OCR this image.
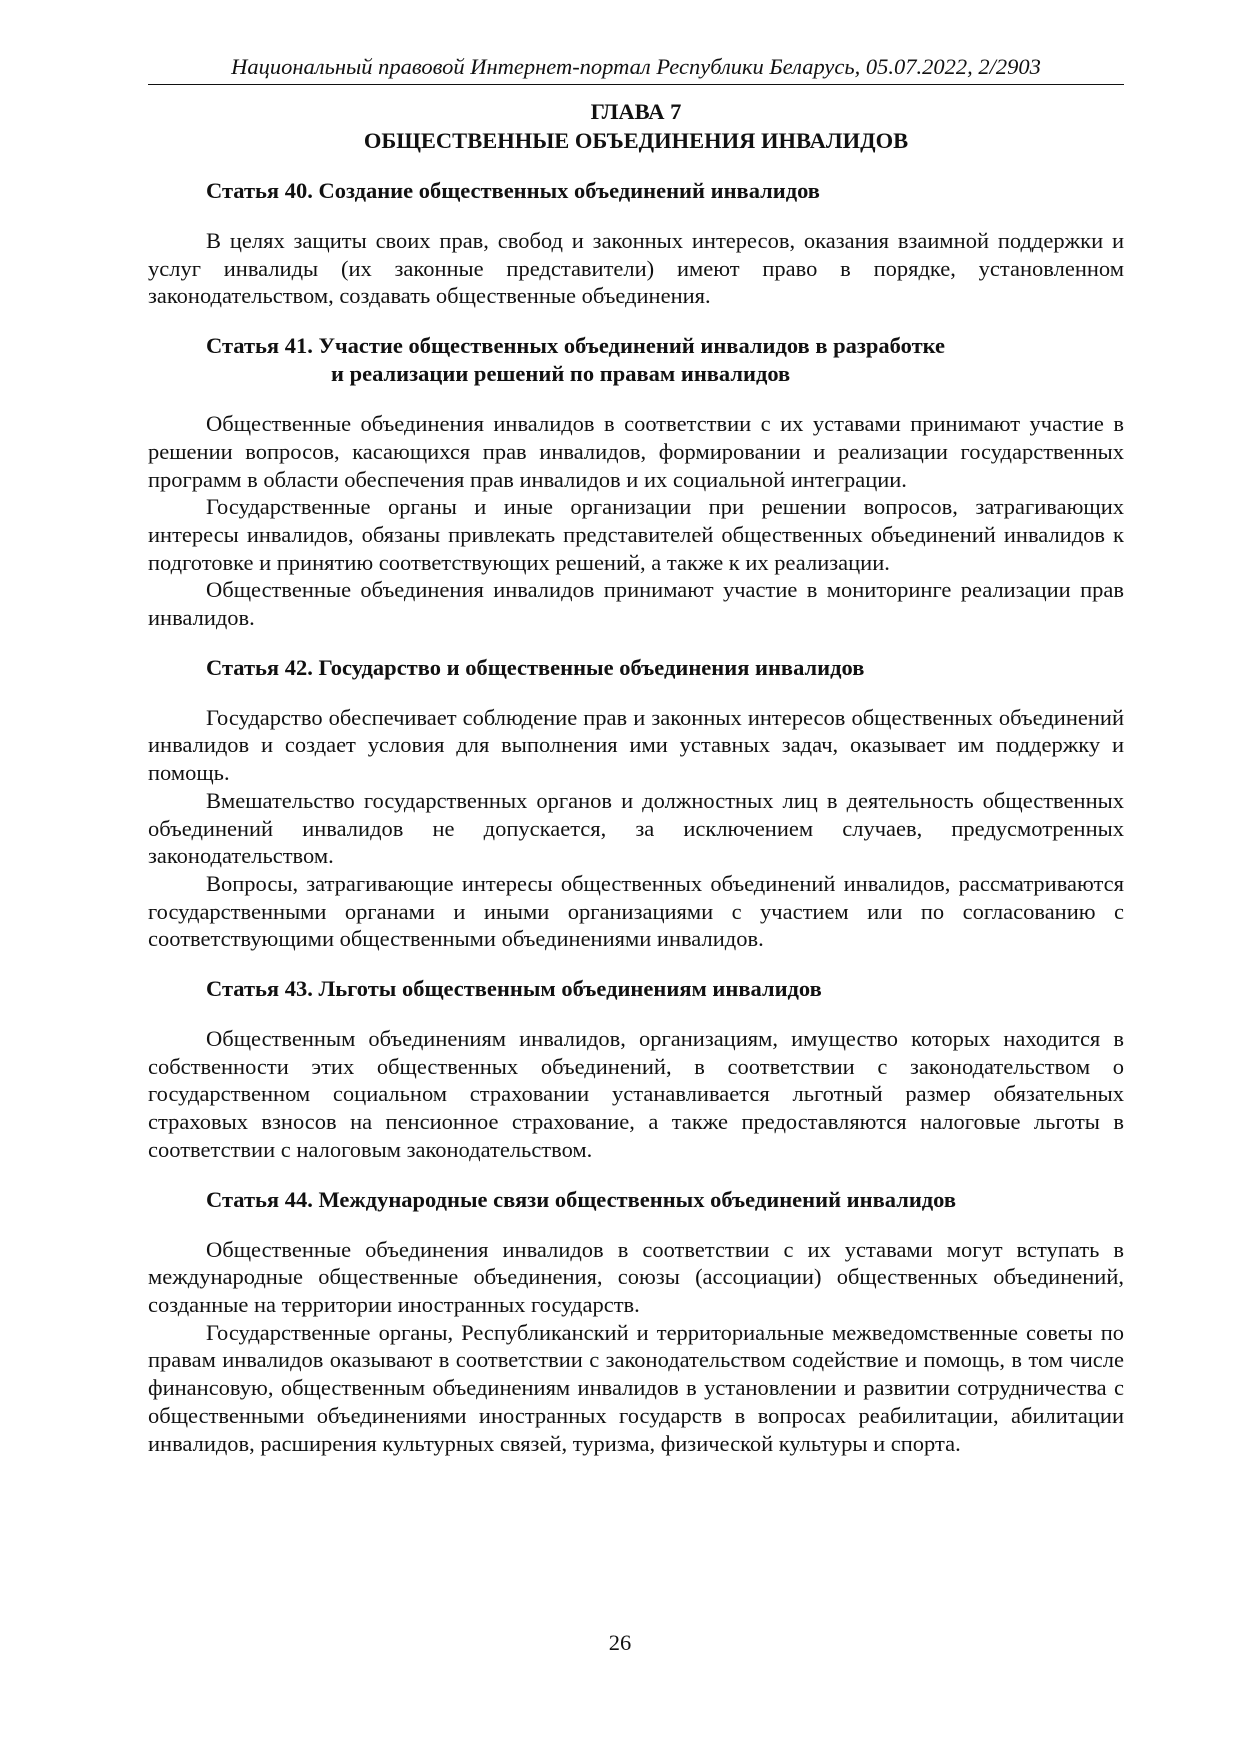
Национальный правовой Интернет-портал Республики Беларусь, 05.07.2022, 2/2903
ГЛАВА 7
ОБЩЕСТВЕННЫЕ ОБЪЕДИНЕНИЯ ИНВАЛИДОВ
Статья 40. Создание общественных объединений инвалидов

В целях защиты своих прав, свобод и законных интересов, оказания взаимной поддержки и услуг инвалиды (их законные представители) имеют право в порядке, установленном законодательством, создавать общественные объединения.

Статья 41. Участие общественных объединений инвалидов в разработке
и реализации решений по правам инвалидов

Общественные объединения инвалидов в соответствии с их уставами принимают участие в решении вопросов, касающихся прав инвалидов, формировании и реализации государственных программ в области обеспечения прав инвалидов и их социальной интеграции.

Государственные органы и иные организации при решении вопросов, затрагивающих интересы инвалидов, обязаны привлекать представителей общественных объединений инвалидов к подготовке и принятию соответствующих решений, а также к их реализации.

Общественные объединения инвалидов принимают участие в мониторинге реализации прав инвалидов.

Статья 42. Государство и общественные объединения инвалидов

Государство обеспечивает соблюдение прав и законных интересов общественных объединений инвалидов и создает условия для выполнения ими уставных задач, оказывает им поддержку и помощь.

Вмешательство государственных органов и должностных лиц в деятельность общественных объединений инвалидов не допускается, за исключением случаев, предусмотренных законодательством.

Вопросы, затрагивающие интересы общественных объединений инвалидов, рассматриваются государственными органами и иными организациями с участием или по согласованию с соответствующими общественными объединениями инвалидов.

Статья 43. Льготы общественным объединениям инвалидов

Общественным объединениям инвалидов, организациям, имущество которых находится в собственности этих общественных объединений, в соответствии с законодательством о государственном социальном страховании устанавливается льготный размер обязательных страховых взносов на пенсионное страхование, а также предоставляются налоговые льготы в соответствии с налоговым законодательством.

Статья 44. Международные связи общественных объединений инвалидов

Общественные объединения инвалидов в соответствии с их уставами могут вступать в международные общественные объединения, союзы (ассоциации) общественных объединений, созданные на территории иностранных государств.

Государственные органы, Республиканский и территориальные межведомственные советы по правам инвалидов оказывают в соответствии с законодательством содействие и помощь, в том числе финансовую, общественным объединениям инвалидов в установлении и развитии сотрудничества с общественными объединениями иностранных государств в вопросах реабилитации, абилитации инвалидов, расширения культурных связей, туризма, физической культуры и спорта.

26
